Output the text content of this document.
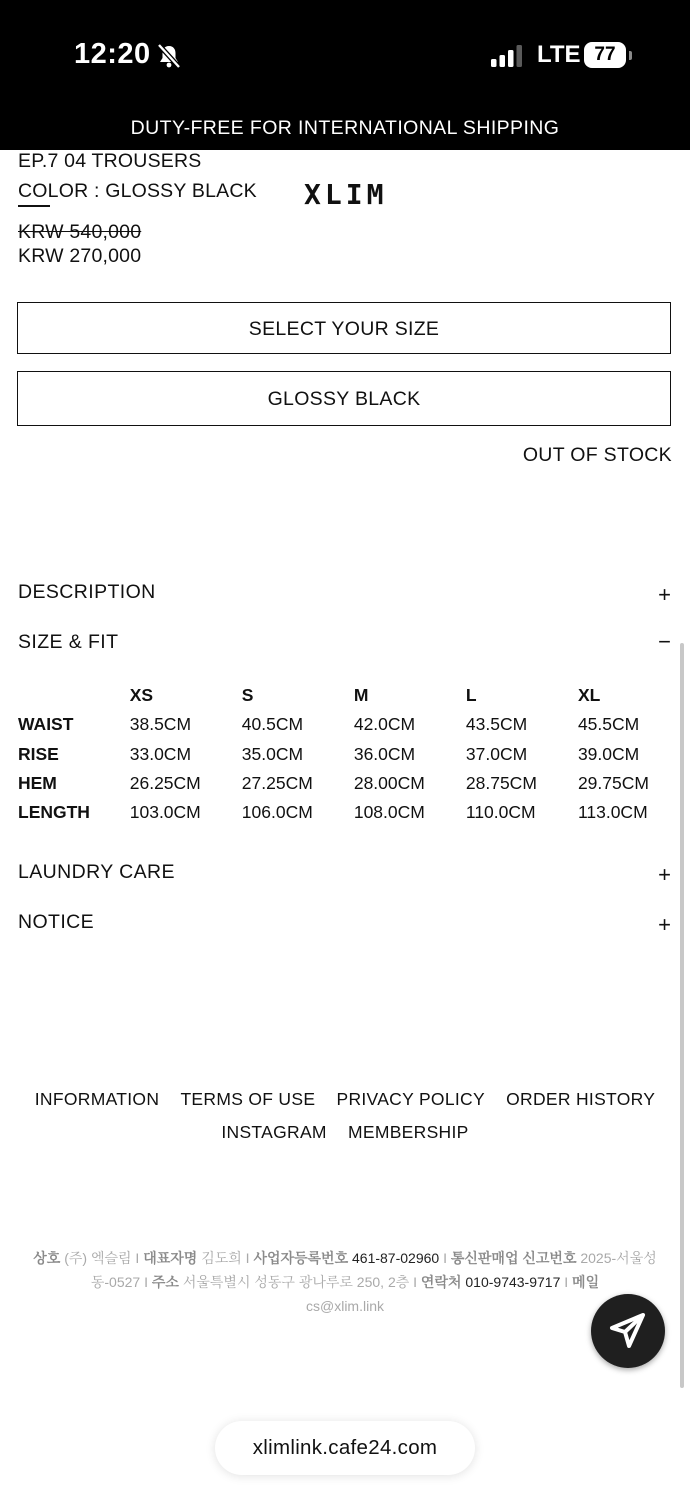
12:20	LTE 77
DUTY-FREE FOR INTERNATIONAL SHIPPING
EP.7 04 TROUSERS
COLOR : GLOSSY BLACK XLIM
KRW 540,000
KRW 270,000
SELECT YOUR SIZE
GLOSSY BLACK
OUT OF STOCK
DESCRIPTION	+
SIZE & FIT	−
	XS	S	M	L	XL
WAIST	38.5CM	40.5CM	42.0CM	43.5CM	45.5CM
RISE	33.0CM	35.0CM	36.0CM	37.0CM	39.0CM
HEM	26.25CM	27.25CM	28.00CM	28.75CM	29.75CM
LENGTH	103.0CM	106.0CM	108.0CM	110.0CM	113.0CM
LAUNDRY CARE	+
NOTICE	+
INFORMATION TERMS OF USE PRIVACY POLICY ORDER HISTORY
INSTAGRAM MEMBERSHIP
상호 (주) 엑슬림 I 대표자명 김도희 I 사업자등록번호 461-87-02960 I 통신판매업 신고번호 2025-서울성동-0527 I 주소 서울특별시 성동구 광나루로 250, 2층 I 연락처 010-9743-9717 I 메일
cs@xlim.link
xlimlink.cafe24.com
